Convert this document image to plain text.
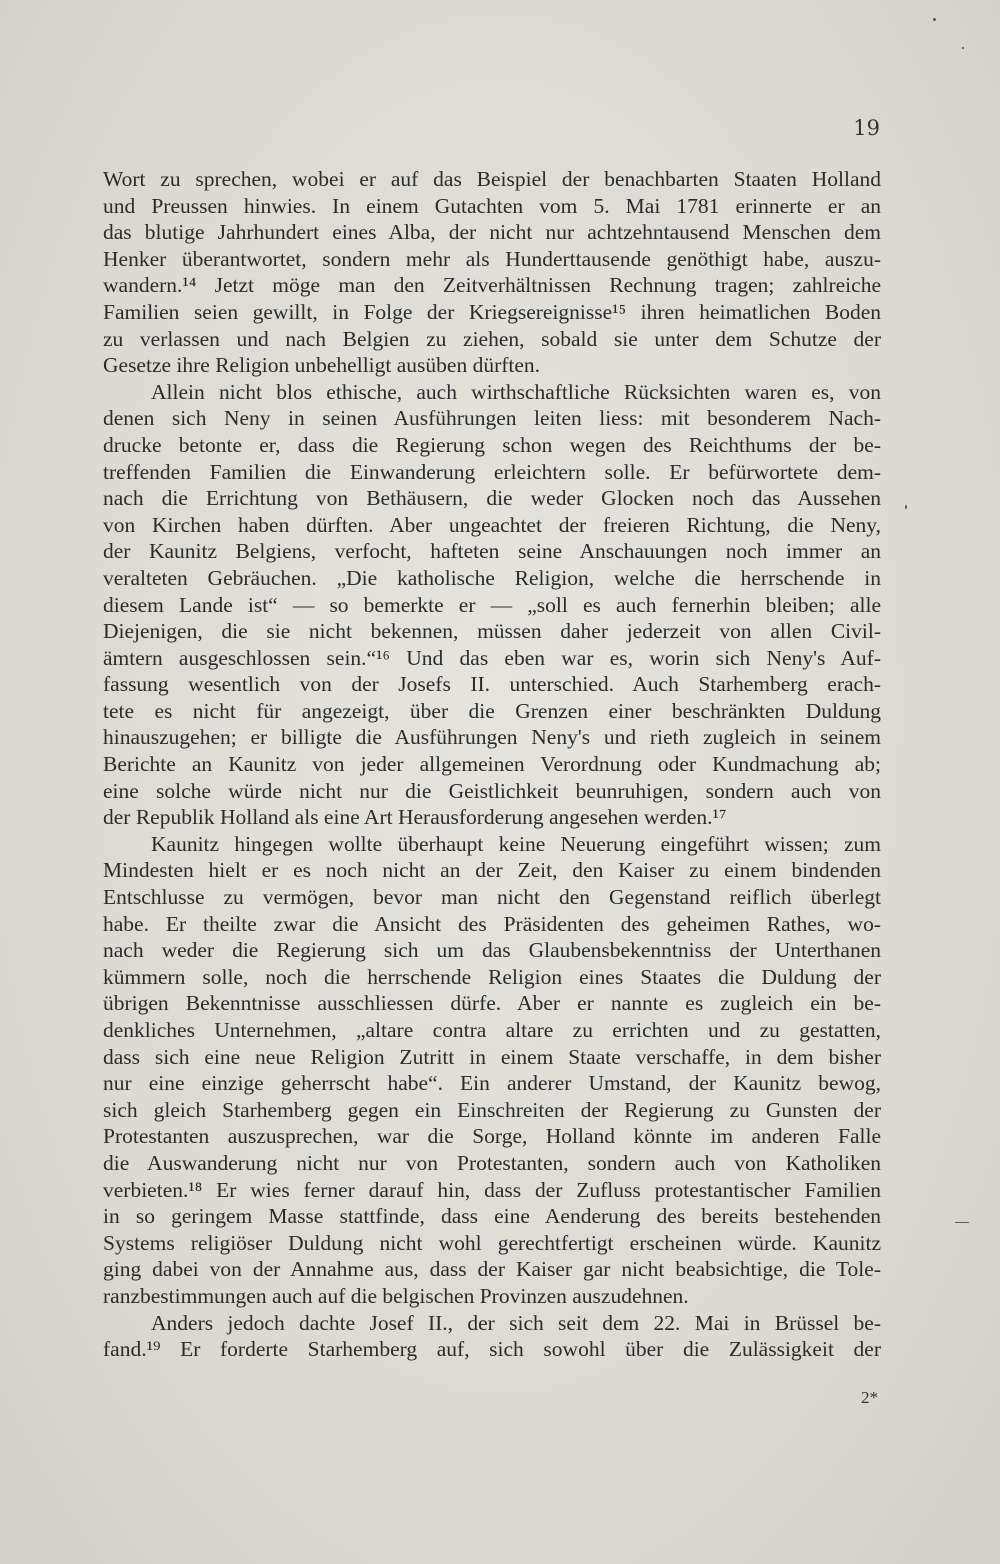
19
Wort zu sprechen, wobei er auf das Beispiel der benachbarten Staaten Holland
und Preussen hinwies. In einem Gutachten vom 5. Mai 1781 erinnerte er an
das blutige Jahrhundert eines Alba, der nicht nur achtzehntausend Menschen dem
Henker überantwortet, sondern mehr als Hunderttausende genöthigt habe, auszu-
wandern.¹⁴ Jetzt möge man den Zeitverhältnissen Rechnung tragen; zahlreiche
Familien seien gewillt, in Folge der Kriegsereignisse¹⁵ ihren heimatlichen Boden
zu verlassen und nach Belgien zu ziehen, sobald sie unter dem Schutze der
Gesetze ihre Religion unbehelligt ausüben dürften.
Allein nicht blos ethische, auch wirthschaftliche Rücksichten waren es, von
denen sich Neny in seinen Ausführungen leiten liess: mit besonderem Nach-
drucke betonte er, dass die Regierung schon wegen des Reichthums der be-
treffenden Familien die Einwanderung erleichtern solle. Er befürwortete dem-
nach die Errichtung von Bethäusern, die weder Glocken noch das Aussehen
von Kirchen haben dürften. Aber ungeachtet der freieren Richtung, die Neny,
der Kaunitz Belgiens, verfocht, hafteten seine Anschauungen noch immer an
veralteten Gebräuchen. „Die katholische Religion, welche die herrschende in
diesem Lande ist“ — so bemerkte er — „soll es auch fernerhin bleiben; alle
Diejenigen, die sie nicht bekennen, müssen daher jederzeit von allen Civil-
ämtern ausgeschlossen sein.“¹⁶ Und das eben war es, worin sich Neny's Auf-
fassung wesentlich von der Josefs II. unterschied. Auch Starhemberg erach-
tete es nicht für angezeigt, über die Grenzen einer beschränkten Duldung
hinauszugehen; er billigte die Ausführungen Neny's und rieth zugleich in seinem
Berichte an Kaunitz von jeder allgemeinen Verordnung oder Kundmachung ab;
eine solche würde nicht nur die Geistlichkeit beunruhigen, sondern auch von
der Republik Holland als eine Art Herausforderung angesehen werden.¹⁷
Kaunitz hingegen wollte überhaupt keine Neuerung eingeführt wissen; zum
Mindesten hielt er es noch nicht an der Zeit, den Kaiser zu einem bindenden
Entschlusse zu vermögen, bevor man nicht den Gegenstand reiflich überlegt
habe. Er theilte zwar die Ansicht des Präsidenten des geheimen Rathes, wo-
nach weder die Regierung sich um das Glaubensbekenntniss der Unterthanen
kümmern solle, noch die herrschende Religion eines Staates die Duldung der
übrigen Bekenntnisse ausschliessen dürfe. Aber er nannte es zugleich ein be-
denkliches Unternehmen, „altare contra altare zu errichten und zu gestatten,
dass sich eine neue Religion Zutritt in einem Staate verschaffe, in dem bisher
nur eine einzige geherrscht habe“. Ein anderer Umstand, der Kaunitz bewog,
sich gleich Starhemberg gegen ein Einschreiten der Regierung zu Gunsten der
Protestanten auszusprechen, war die Sorge, Holland könnte im anderen Falle
die Auswanderung nicht nur von Protestanten, sondern auch von Katholiken
verbieten.¹⁸ Er wies ferner darauf hin, dass der Zufluss protestantischer Familien
in so geringem Masse stattfinde, dass eine Aenderung des bereits bestehenden
Systems religiöser Duldung nicht wohl gerechtfertigt erscheinen würde. Kaunitz
ging dabei von der Annahme aus, dass der Kaiser gar nicht beabsichtige, die Tole-
ranzbestimmungen auch auf die belgischen Provinzen auszudehnen.
Anders jedoch dachte Josef II., der sich seit dem 22. Mai in Brüssel be-
fand.¹⁹ Er forderte Starhemberg auf, sich sowohl über die Zulässigkeit der
2*
